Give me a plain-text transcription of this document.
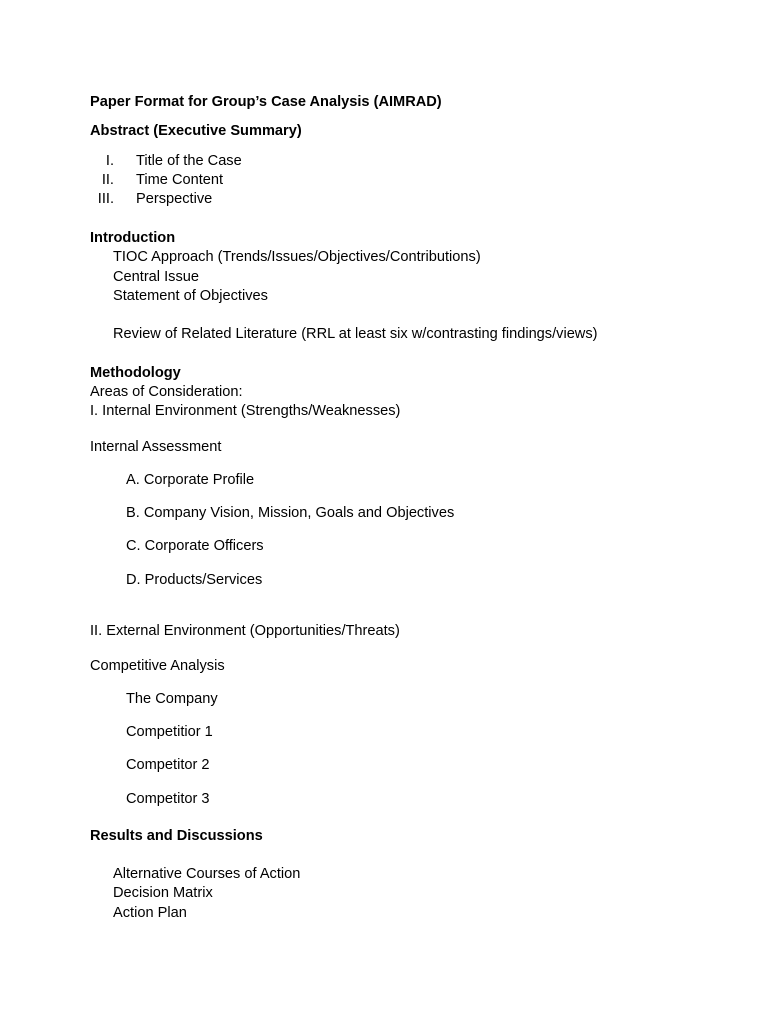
Paper Format for Group’s Case Analysis (AIMRAD)
Abstract (Executive Summary)
I. Title of the Case
II. Time Content
III. Perspective
Introduction
TIOC Approach (Trends/Issues/Objectives/Contributions)
Central Issue
Statement of Objectives
Review of Related Literature (RRL at least six w/contrasting findings/views)
Methodology
Areas of Consideration:
I. Internal Environment (Strengths/Weaknesses)
Internal Assessment
A. Corporate Profile
B. Company Vision, Mission, Goals and Objectives
C. Corporate Officers
D. Products/Services
II. External Environment (Opportunities/Threats)
Competitive Analysis
The Company
Competitior 1
Competitor 2
Competitor 3
Results and Discussions
Alternative Courses of Action
Decision Matrix
Action Plan
